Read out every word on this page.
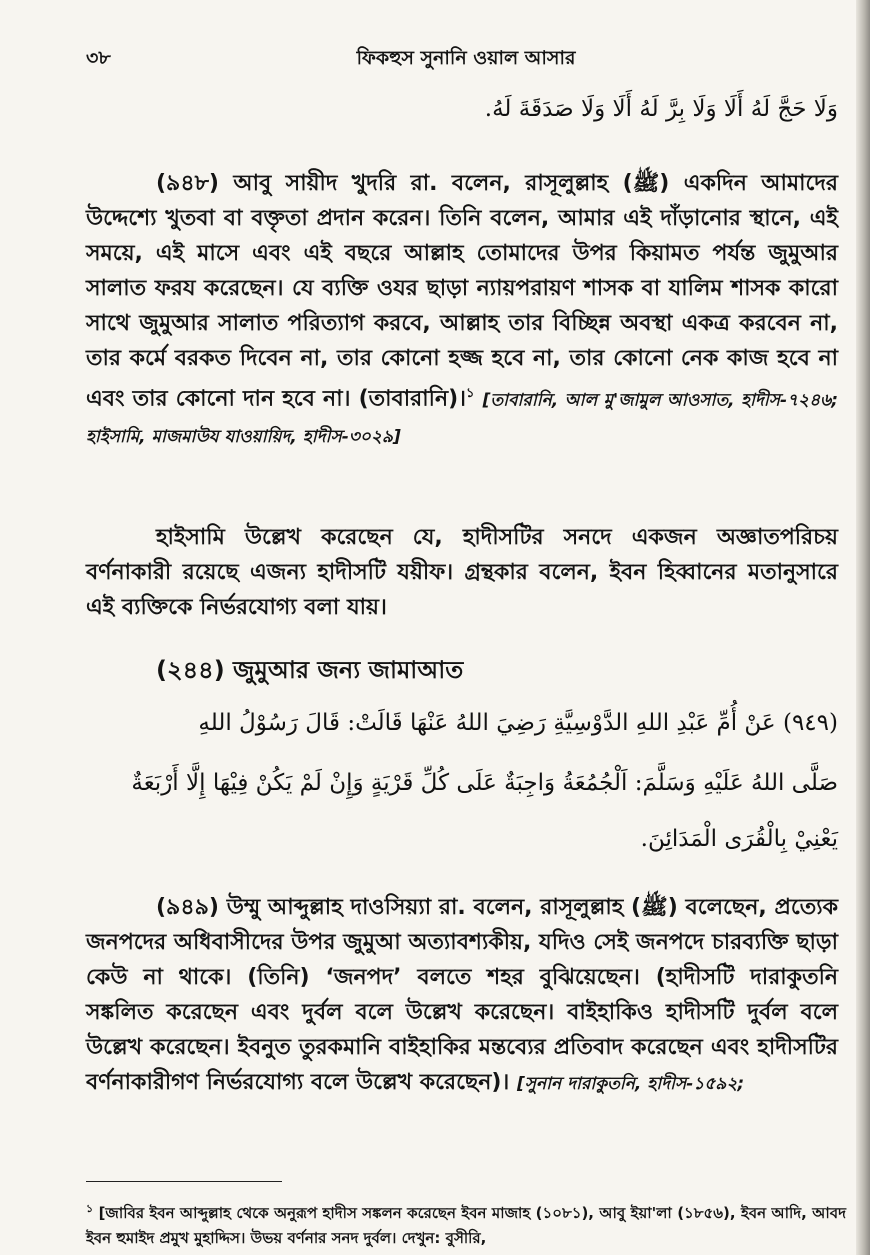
৩৮	ফিকহুস সুনানি ওয়াল আসার
وَلَا حَجَّ لَهُ أَلَا وَلَا بِرَّ لَهُ أَلَا وَلَا صَدَقَةَ لَهُ.
(৯৪৮) আবু সায়ীদ খুদরি রা. বলেন, রাসূলুল্লাহ (ﷺ) একদিন আমাদের উদ্দেশ্যে খুতবা বা বক্তৃতা প্রদান করেন। তিনি বলেন, আমার এই দাঁড়ানোর স্থানে, এই সময়ে, এই মাসে এবং এই বছরে আল্লাহ তোমাদের উপর কিয়ামত পর্যন্ত জুমুআর সালাত ফরয করেছেন। যে ব্যক্তি ওযর ছাড়া ন্যায়পরায়ণ শাসক বা যালিম শাসক কারো সাথে জুমুআর সালাত পরিত্যাগ করবে, আল্লাহ তার বিচ্ছিন্ন অবস্থা একত্র করবেন না, তার কর্মে বরকত দিবেন না, তার কোনো হজ্জ হবে না, তার কোনো নেক কাজ হবে না এবং তার কোনো দান হবে না। (তাবারানি)।$^১$ [তাবারানি, আল মু'জামুল আওসাত, হাদীস-৭২৪৬; হাইসামি, মাজমাউয যাওয়ায়িদ, হাদীস-৩০২৯]
হাইসামি উল্লেখ করেছেন যে, হাদীসটির সনদে একজন অজ্ঞাতপরিচয় বর্ণনাকারী রয়েছে এজন্য হাদীসটি যয়ীফ। গ্রন্থকার বলেন, ইবন হিব্বানের মতানুসারে এই ব্যক্তিকে নির্ভরযোগ্য বলা যায়।
(২৪৪) জুমুআর জন্য জামাআত
(٩٤٩) عَنْ أُمِّ عَبْدِ اللهِ الدَّوْسِيَّةِ رَضِيَ اللهُ عَنْهَا قَالَتْ: قَالَ رَسُوْلُ اللهِ
صَلَّى اللهُ عَلَيْهِ وَسَلَّمَ: اَلْجُمُعَةُ وَاجِبَةٌ عَلَى كُلِّ قَرْيَةٍ وَإِنْ لَمْ يَكُنْ فِيْهَا إِلَّا أَرْبَعَةٌ
يَعْنِيْ بِالْقُرَى الْمَدَائِنَ.
(৯৪৯) উম্মু আব্দুল্লাহ দাওসিয়্যা রা. বলেন, রাসূলুল্লাহ (ﷺ) বলেছেন, প্রত্যেক জনপদের অধিবাসীদের উপর জুমুআ অত্যাবশ্যকীয়, যদিও সেই জনপদে চারব্যক্তি ছাড়া কেউ না থাকে। (তিনি) ‘জনপদ’ বলতে শহর বুঝিয়েছেন। (হাদীসটি দারাকুতনি সঙ্কলিত করেছেন এবং দুর্বল বলে উল্লেখ করেছেন। বাইহাকিও হাদীসটি দুর্বল বলে উল্লেখ করেছেন। ইবনুত তুরকমানি বাইহাকির মন্তব্যের প্রতিবাদ করেছেন এবং হাদীসটির বর্ণনাকারীগণ নির্ভরযোগ্য বলে উল্লেখ করেছেন)। [সুনান দারাকুতনি, হাদীস-১৫৯২;
$^১$ [জাবির ইবন আব্দুল্লাহ থেকে অনুরূপ হাদীস সঙ্কলন করেছেন ইবন মাজাহ (১০৮১), আবু ইয়া'লা (১৮৫৬), ইবন আদি, আবদ ইবন হুমাইদ প্রমুখ মুহাদ্দিস। উভয় বর্ণনার সনদ দুর্বল। দেখুন: বুসীরি,
